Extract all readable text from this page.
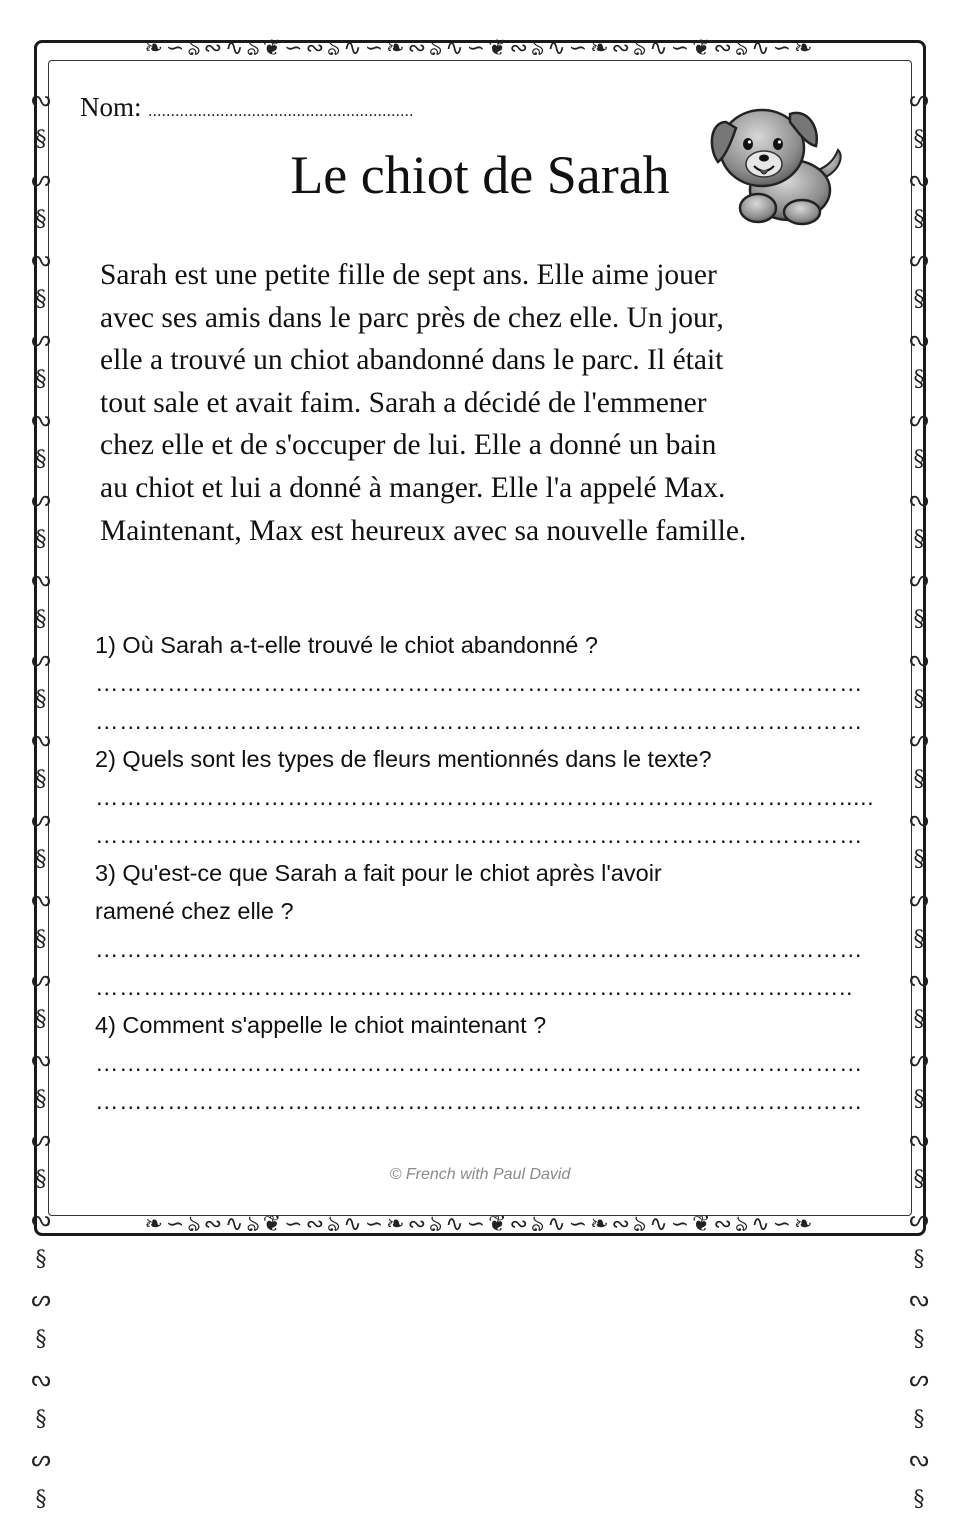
❧∽ঌ∾∿ঌ❦∽∾ঌ∿∽❧∾ঌ∿∽❦∾ঌ∿∽❧∾ঌ∿∽❦∾ঌ∿∽❧
❧∽ঌ∾∿ঌ❦∽∾ঌ∿∽❧∾ঌ∿∽❦∾ঌ∿∽❧∾ঌ∿∽❦∾ঌ∿∽❧
ᔓ§ᔕ§ᔓ§ᔕ§ᔓ§ᔕ§ᔓ§ᔕ§ᔓ§ᔕ§ᔓ§ᔕ§ᔓ§ᔕ§ᔓ§ᔕ§ᔓ§ᔕ§
ᔕ§ᔓ§ᔕ§ᔓ§ᔕ§ᔓ§ᔕ§ᔓ§ᔕ§ᔓ§ᔕ§ᔓ§ᔕ§ᔓ§ᔕ§ᔓ§ᔕ§ᔓ§
Nom: ...........................................................
Le chiot de Sarah
Sarah est une petite fille de sept ans. Elle aime jouer
avec ses amis dans le parc près de chez elle. Un jour,
elle a trouvé un chiot abandonné dans le parc. Il était
tout sale et avait faim. Sarah a décidé de l'emmener
chez elle et de s'occuper de lui. Elle a donné un bain
au chiot et lui a donné à manger. Elle l'a appelé Max.
Maintenant, Max est heureux avec sa nouvelle famille.
1) Où Sarah a-t-elle trouvé le chiot abandonné ?
……………………………………………………………………………………
……………………………………………………………………………………
2) Quels sont les types de fleurs mentionnés dans le texte?
………………………………………………………………………………….....
……………………………………………………………………………………
3) Qu'est-ce que Sarah a fait pour le chiot après l'avoir
ramené chez elle ?
……………………………………………………………………………………
…………………………………………………………………………………..
4) Comment s'appelle le chiot maintenant ?
……………………………………………………………………………………
……………………………………………………………………………………
© French with Paul David
